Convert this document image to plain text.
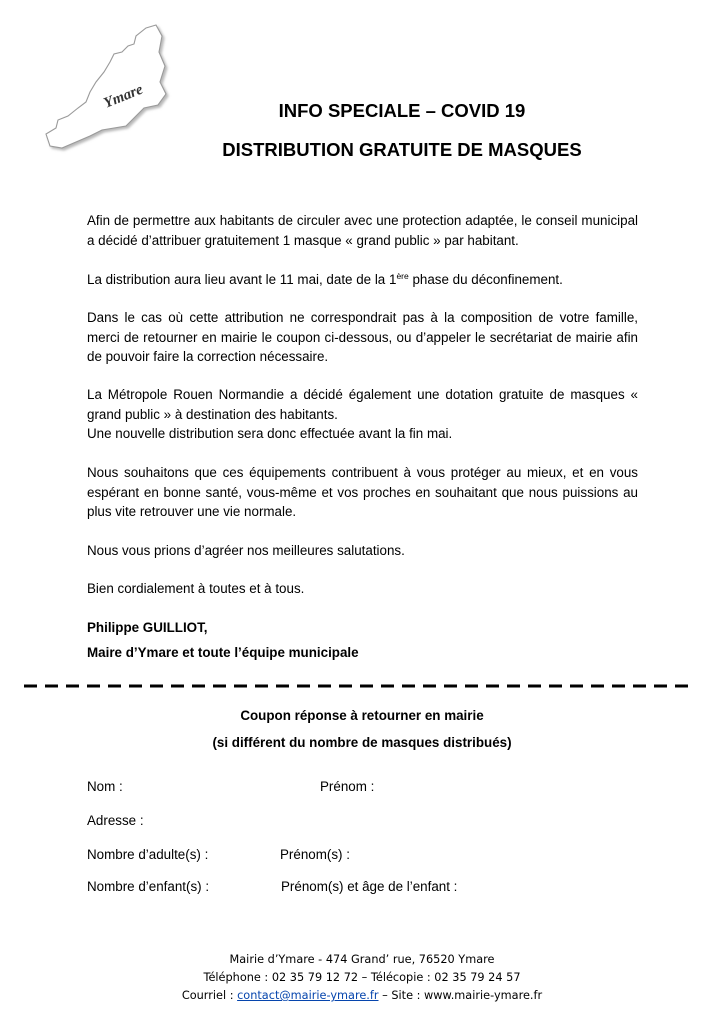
Ymare	INFO SPECIALE – COVID 19
DISTRIBUTION GRATUITE DE MASQUES

Afin de permettre aux habitants de circuler avec une protection adaptée, le conseil municipal a décidé d’attribuer gratuitement 1 masque « grand public » par habitant.

La distribution aura lieu avant le 11 mai, date de la 1ère phase du déconfinement.

Dans le cas où cette attribution ne correspondrait pas à la composition de votre famille, merci de retourner en mairie le coupon ci-dessous, ou d’appeler le secrétariat de mairie afin de pouvoir faire la correction nécessaire.

La Métropole Rouen Normandie a décidé également une dotation gratuite de masques « grand public » à destination des habitants.
Une nouvelle distribution sera donc effectuée avant la fin mai.

Nous souhaitons que ces équipements contribuent à vous protéger au mieux, et en vous espérant en bonne santé, vous-même et vos proches en souhaitant que nous puissions au plus vite retrouver une vie normale.

Nous vous prions d’agréer nos meilleures salutations.

Bien cordialement à toutes et à tous.

Philippe GUILLIOT,

Maire d’Ymare et toute l’équipe municipale

Coupon réponse à retourner en mairie

(si différent du nombre de masques distribués)

Nom :	Prénom :

Adresse :

Nombre d’adulte(s) :	Prénom(s) :

Nombre d’enfant(s) :	Prénom(s) et âge de l’enfant :

Mairie d’Ymare - 474 Grand’ rue, 76520 Ymare

Téléphone : 02 35 79 12 72 – Télécopie : 02 35 79 24 57

Courriel : contact@mairie-ymare.fr – Site : www.mairie-ymare.fr
